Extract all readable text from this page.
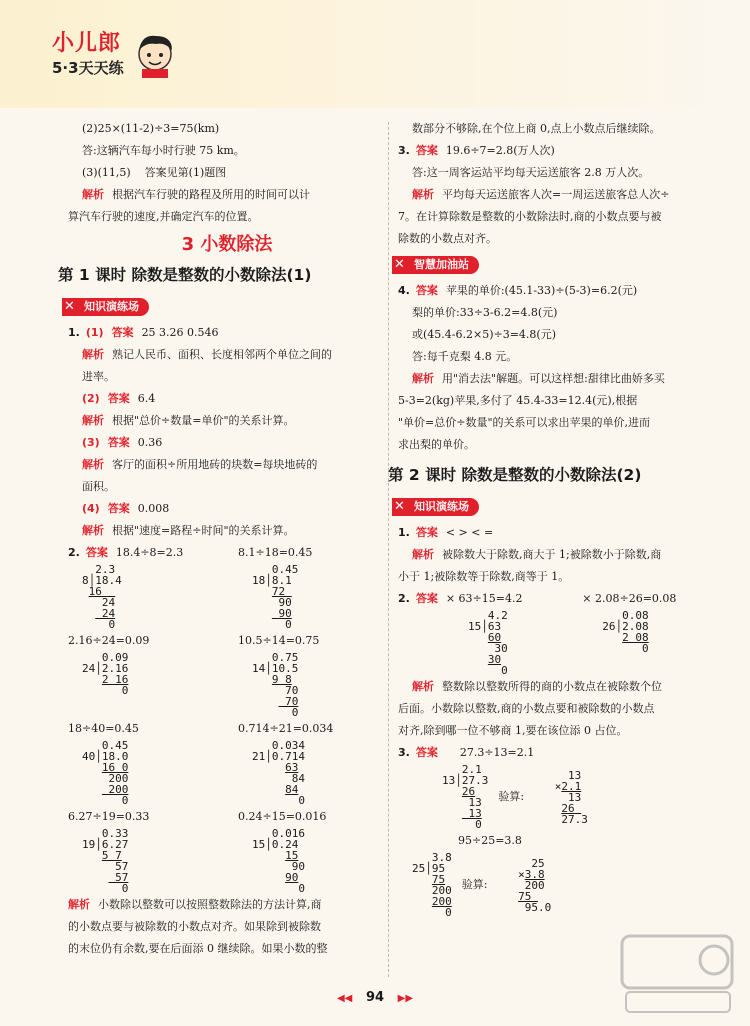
小儿郎
5·3天天练
(2)25×(11-2)÷3=75(km)
答:这辆汽车每小时行驶 75 km。
(3)(11,5) 答案见第(1)题图
解析 根据汽车行驶的路程及所用的时间可以计
算汽车行驶的速度,并确定汽车的位置。
3 小数除法
第 1 课时 除数是整数的小数除法(1)
✕ 知识演练场
1. (1) 答案 25 3.26 0.546
解析 熟记人民币、面积、长度相邻两个单位之间的
进率。
(2) 答案 6.4
解析 根据"总价÷数量=单价"的关系计算。
(3) 答案 0.36
解析 客厅的面积÷所用地砖的块数=每块地砖的
面积。
(4) 答案 0.008
解析 根据"速度=路程÷时间"的关系计算。
2. 答案 18.4÷8=2.3
2.3
8│18.4
16
24
24
0
8.1÷18=0.45
0.45
18│8.1
72
90
90
0
2.16÷24=0.09
0.09
24│2.16
2 16
0
10.5÷14=0.75
0.75
14│10.5
9 8
70
70
0
18÷40=0.45
0.45
40│18.0
16 0
200
200
0
0.714÷21=0.034
0.034
21│0.714
63
84
84
0
6.27÷19=0.33
0.33
19│6.27
5 7
57
57
0
0.24÷15=0.016
0.016
15│0.24
15
90
90
0
解析 小数除以整数可以按照整数除法的方法计算,商
的小数点要与被除数的小数点对齐。如果除到被除数
的末位仍有余数,要在后面添 0 继续除。如果小数的整
数部分不够除,在个位上商 0,点上小数点后继续除。
3. 答案 19.6÷7=2.8(万人次)
答:这一周客运站平均每天运送旅客 2.8 万人次。
解析 平均每天运送旅客人次=一周运送旅客总人次÷
7。在计算除数是整数的小数除法时,商的小数点要与被
除数的小数点对齐。
✕ 智慧加油站
4. 答案 苹果的单价:(45.1-33)÷(5-3)=6.2(元)
梨的单价:33÷3-6.2=4.8(元)
或(45.4-6.2×5)÷3=4.8(元)
答:每千克梨 4.8 元。
解析 用"消去法"解题。可以这样想:甜律比曲娇多买
5-3=2(kg)苹果,多付了 45.4-33=12.4(元),根据
"单价=总价÷数量"的关系可以求出苹果的单价,进而
求出梨的单价。
第 2 课时 除数是整数的小数除法(2)
✕ 知识演练场
1. 答案 < > < =
解析 被除数大于除数,商大于 1;被除数小于除数,商
小于 1;被除数等于除数,商等于 1。
2. 答案 × 63÷15=4.2
4.2
15│63
60
30
30
0
× 2.08÷26=0.08
0.08
26│2.08
2 08
0
解析 整数除以整数所得的商的小数点在被除数个位
后面。小数除以整数,商的小数点要和被除数的小数点
对齐,除到哪一位不够商 1,要在该位添 0 占位。
3. 答案 27.3÷13=2.1
2.1
13│27.3
26
13
13
0
验算:
13
×2.1
13
26
27.3
95÷25=3.8
3.8
25│95
75
200
200
0
验算:
25
×3.8
200
75
95.0
◀◀ 94 ▶▶
